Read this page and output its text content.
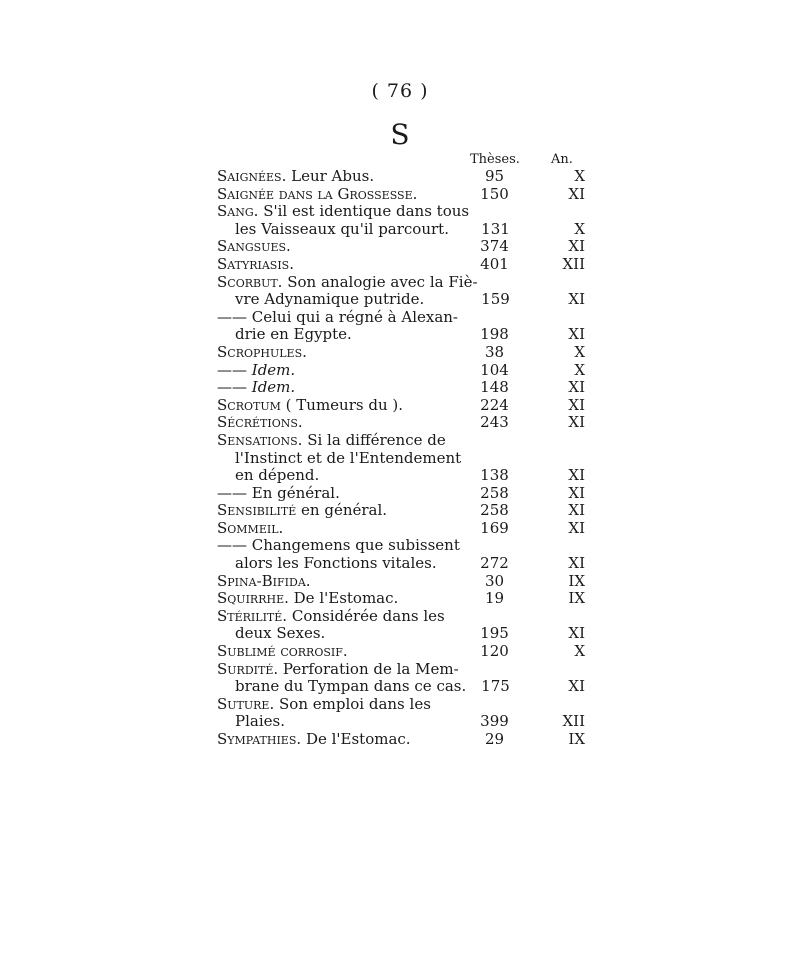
( 76 )
S
Thèses. An.
Saignées. Leur Abus.	95	X
Saignée dans la Grossesse.	150	XI
Sang. S'il est identique dans tous
les Vaisseaux qu'il parcourt.	131	X
Sangsues.	374	XI
Satyriasis.	401	XII
Scorbut. Son analogie avec la Fiè-
vre Adynamique putride.	159	XI
—— Celui qui a régné à Alexan-
drie en Egypte.	198	XI
Scrophules.	38	X
—— Idem.	104	X
—— Idem.	148	XI
Scrotum ( Tumeurs du ).	224	XI
Sécrétions.	243	XI
Sensations. Si la différence de
l'Instinct et de l'Entendement
en dépend.	138	XI
—— En général.	258	XI
Sensibilité en général.	258	XI
Sommeil.	169	XI
—— Changemens que subissent
alors les Fonctions vitales.	272	XI
Spina-Bifida.	30	IX
Squirrhe. De l'Estomac.	19	IX
Stérilité. Considérée dans les
deux Sexes.	195	XI
Sublimé corrosif.	120	X
Surdité. Perforation de la Mem-
brane du Tympan dans ce cas. 175	XI
Suture. Son emploi dans les
Plaies.	399	XII
Sympathies. De l'Estomac.	29	IX
